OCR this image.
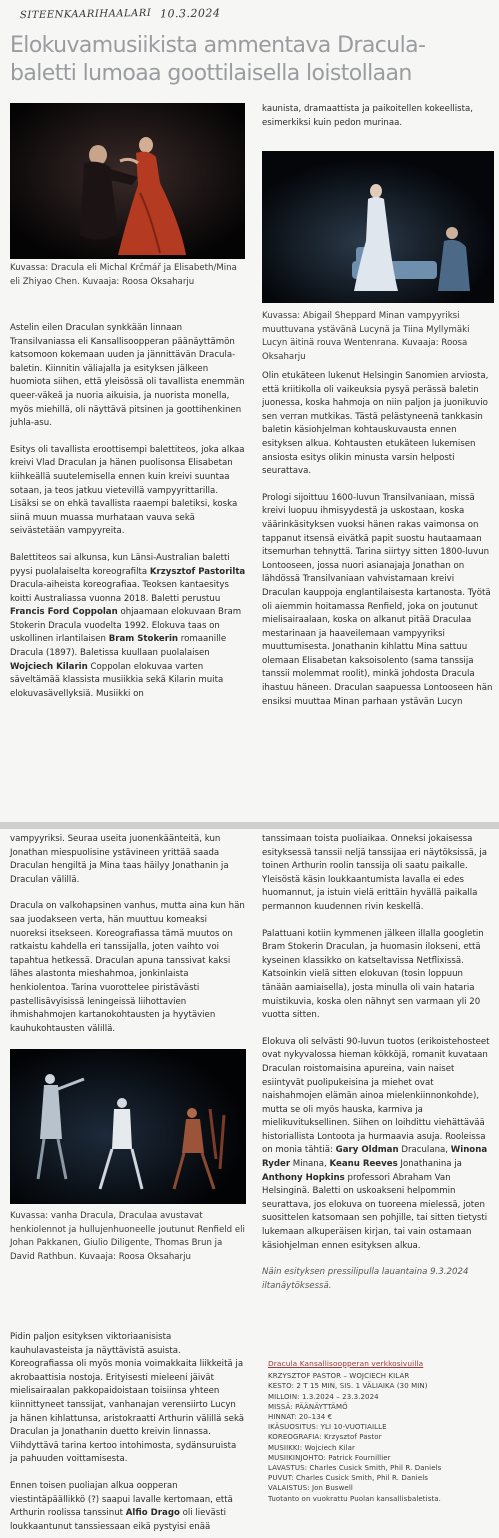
SITEENKAARIHAALARI 10.3.2024
Elokuvamusiikista ammentava Dracula-baletti lumoaa goottilaisella loistollaan
Kuvassa: Dracula eli Michal Krčmář ja Elisabeth/Mina eli Zhiyao Chen. Kuvaaja: Roosa Oksaharju

Astelin eilen Draculan synkkään linnaan Transilvaniassa eli Kansallisoopperan päänäyttämön katsomoon kokemaan uuden ja jännittävän Dracula-baletin. Kiinnitin väliajalla ja esityksen jälkeen huomiota siihen, että yleisössä oli tavallista enemmän queer-väkeä ja nuoria aikuisia, ja nuorista monella, myös miehillä, oli näyttävä pitsinen ja goottihenkinen juhla-asu.

Esitys oli tavallista eroottisempi balettiteos, joka alkaa kreivi Vlad Draculan ja hänen puolisonsa Elisabetan kiihkeällä suutelemisella ennen kuin kreivi suuntaa sotaan, ja teos jatkuu vietevillä vampyyrittarilla. Lisäksi se on ehkä tavallista raaempi baletiksi, koska siinä muun muassa murhataan vauva sekä seivästetään vampyyreita.

Balettiteos sai alkunsa, kun Länsi-Australian baletti pyysi puolalaiselta koreografilta Krzysztof Pastorilta Dracula-aiheista koreografiaa. Teoksen kantaesitys koitti Australiassa vuonna 2018. Baletti perustuu Francis Ford Coppolan ohjaamaan elokuvaan Bram Stokerin Dracula vuodelta 1992. Elokuva taas on uskollinen irlantilaisen Bram Stokerin romaanille Dracula (1897). Baletissa kuullaan puolalaisen Wojciech Kilarin Coppolan elokuvaa varten säveltämää klassista musiikkia sekä Kilarin muita elokuvasävellyksiä. Musiikki on

kaunista, dramaattista ja paikoitellen kokeellista, esimerkiksi kuin pedon murinaa.

Kuvassa: Abigail Sheppard Minan vampyyriksi muuttuvana ystävänä Lucynä ja Tiina Myllymäki Lucyn äitinä rouva Wentenrana. Kuvaaja: Roosa Oksaharju

Olin etukäteen lukenut Helsingin Sanomien arviosta, että kriitikolla oli vaikeuksia pysyä perässä baletin juonessa, koska hahmoja on niin paljon ja juonikuvio sen verran mutkikas. Tästä pelästyneenä tankkasin baletin käsiohjelman kohtauskuvausta ennen esityksen alkua. Kohtausten etukäteen lukemisen ansiosta esitys olikin minusta varsin helposti seurattava.

Prologi sijoittuu 1600-luvun Transilvaniaan, missä kreivi luopuu ihmisyydestä ja uskostaan, koska väärinkäsityksen vuoksi hänen rakas vaimonsa on tappanut itsensä eivätkä papit suostu hautaamaan itsemurhan tehnyttä. Tarina siirtyy sitten 1800-luvun Lontooseen, jossa nuori asianajaja Jonathan on lähdössä Transilvaniaan vahvistamaan kreivi Draculan kauppoja englantilaisesta kartanosta. Työtä oli aiemmin hoitamassa Renfield, joka on joutunut mielisairaalaan, koska on alkanut pitää Draculaa mestarinaan ja haaveilemaan vampyyriksi muuttumisesta. Jonathanin kihlattu Mina sattuu olemaan Elisabetan kaksoisolento (sama tanssija tanssii molemmat roolit), minkä johdosta Dracula ihastuu häneen. Draculan saapuessa Lontooseen hän ensiksi muuttaa Minan parhaan ystävän Lucyn

vampyyriksi. Seuraa useita juonenkäänteitä, kun Jonathan miespuolisine ystävineen yrittää saada Draculan hengiltä ja Mina taas häilyy Jonathanin ja Draculan välillä.

Dracula on valkohapsinen vanhus, mutta aina kun hän saa juodakseen verta, hän muuttuu komeaksi nuoreksi itsekseen. Koreografiassa tämä muutos on ratkaistu kahdella eri tanssijalla, joten vaihto voi tapahtua hetkessä. Draculan apuna tanssivat kaksi lähes alastonta mieshahmoa, jonkinlaista henkiolentoa. Tarina vuorottelee piristävästi pastellisävyisissä leningeissä liihottavien ihmishahmojen kartanokohtausten ja hyytävien kauhukohtausten välillä.

Kuvassa: vanha Dracula, Draculaa avustavat henkiolennot ja hullujenhuoneelle joutunut Renfield eli Johan Pakkanen, Giulio Diligente, Thomas Brun ja David Rathbun. Kuvaaja: Roosa Oksaharju

Pidin paljon esityksen viktoriaanisista kauhulavasteista ja näyttävistä asuista. Koreografiassa oli myös monia voimakkaita liikkeitä ja akrobaattisia nostoja. Erityisesti mieleeni jäivät mielisairaalan pakkopaidoistaan toisiinsa yhteen kiinnittyneet tanssijat, vanhanajan verensiirto Lucyn ja hänen kihlattunsa, aristokraatti Arthurin välillä sekä Draculan ja Jonathanin duetto kreivin linnassa. Viihdyttävä tarina kertoo intohimosta, sydänsuruista ja pahuuden voittamisesta.

Ennen toisen puoliajan alkua oopperan viestintäpäällikkö (?) saapui lavalle kertomaan, että Arthurin roolissa tanssinut Alfio Drago oli lievästi loukkaantunut tanssiessaan eikä pystyisi enää

tanssimaan toista puoliaikaa. Onneksi jokaisessa esityksessä tanssii neljä tanssijaa eri näytöksissä, ja toinen Arthurin roolin tanssija oli saatu paikalle. Yleisöstä käsin loukkaantumista lavalla ei edes huomannut, ja istuin vielä erittäin hyvällä paikalla permannon kuudennen rivin keskellä.

Palattuani kotiin kymmenen jälkeen illalla googletin Bram Stokerin Draculan, ja huomasin ilokseni, että kyseinen klassikko on katseltavissa Netflixissä. Katsoinkin vielä sitten elokuvan (tosin loppuun tänään aamiaisella), josta minulla oli vain hataria muistikuvia, koska olen nähnyt sen varmaan yli 20 vuotta sitten.

Elokuva oli selvästi 90-luvun tuotos (erikoistehosteet ovat nykyvalossa hieman kökköjä, romanit kuvataan Draculan roistomaisina apureina, vain naiset esiintyvät puolipukeisina ja miehet ovat naishahmojen elämän ainoa mielenkiinnonkohde), mutta se oli myös hauska, karmiva ja mielikuvituksellinen. Siihen on loihdittu viehättävää historiallista Lontoota ja hurmaavia asuja. Rooleissa on monia tähtiä: Gary Oldman Draculana, Winona Ryder Minana, Keanu Reeves Jonathanina ja Anthony Hopkins professori Abraham Van Helsinginä. Baletti on uskoakseni helpommin seurattava, jos elokuva on tuoreena mielessä, joten suosittelen katsomaan sen pohjille, tai sitten tietysti lukemaan alkuperäisen kirjan, tai vain ostamaan käsiohjelman ennen esityksen alkua.

Näin esityksen pressilipulla lauantaina 9.3.2024 iltanäytöksessä.

Dracula Kansallisoopperan verkkosivuilla
KRZYSZTOF PASTOR – WOJCIECH KILAR
KESTO: 2 T 15 MIN, SIS. 1 VÄLIAIKA (30 MIN)
MILLOIN: 1.3.2024 – 23.3.2024
MISSÄ: PÄÄNÄYTTÄMÖ
HINNAT: 20–134 €
IKÄSUOSITUS: YLI 10-VUOTIAILLE
KOREOGRAFIA: Krzysztof Pastor
MUSIIKKI: Wojciech Kilar
MUSIIKINJOHTO: Patrick Fournillier
LAVASTUS: Charles Cusick Smith, Phil R. Daniels
PUVUT: Charles Cusick Smith, Phil R. Daniels
VALAISTUS: Jon Buswell
Tuotanto on vuokrattu Puolan kansallisbaletista.
